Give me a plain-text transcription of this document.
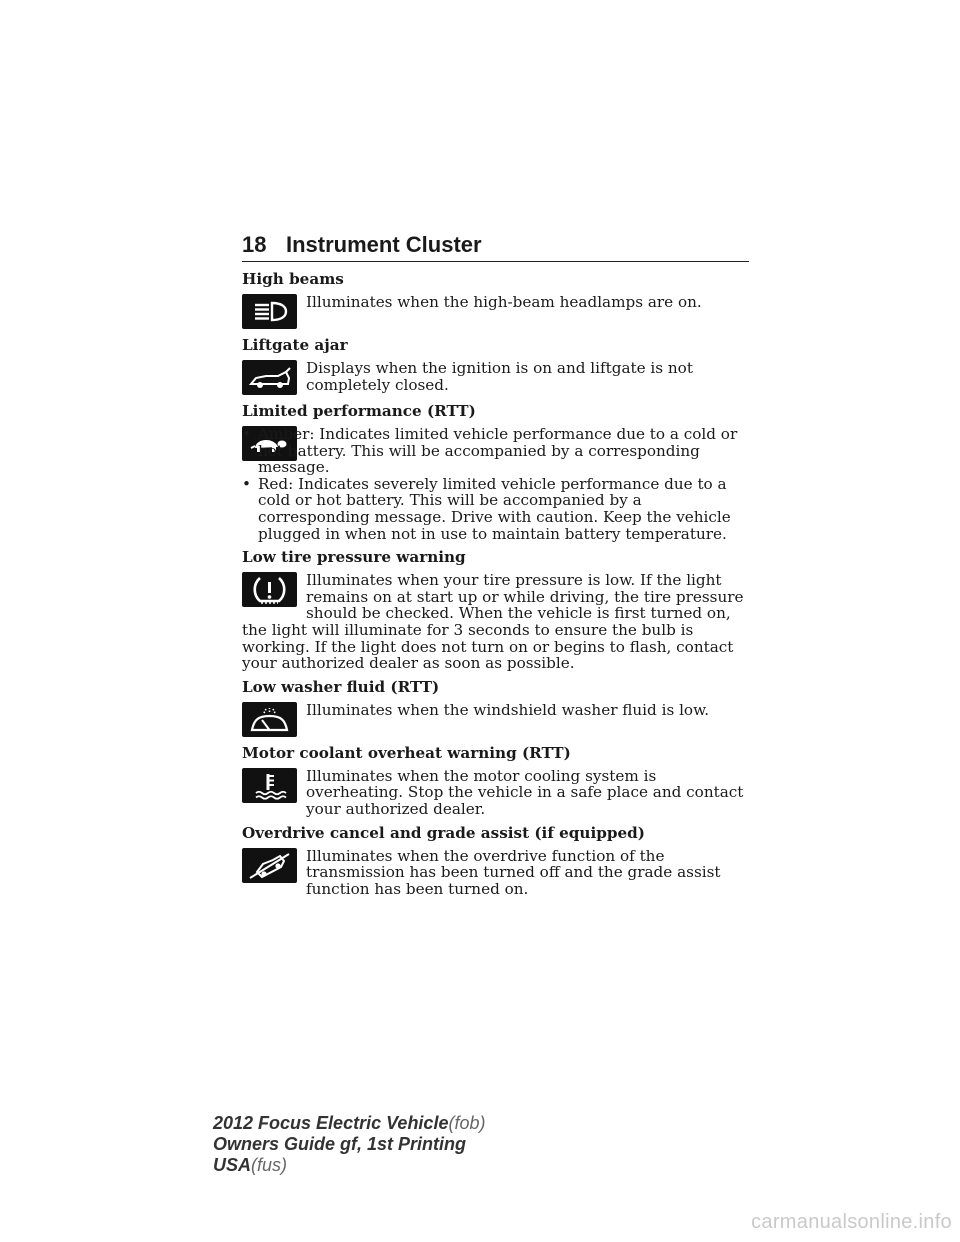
18 Instrument Cluster
High beams
Illuminates when the high-beam headlamps are on.
Liftgate ajar
Displays when the ignition is on and liftgate is not completely closed.
Limited performance (RTT)
• Amber: Indicates limited vehicle performance due to a cold or hot battery. This will be accompanied by a corresponding message.
• Red: Indicates severely limited vehicle performance due to a cold or hot battery. This will be accompanied by a corresponding message. Drive with caution. Keep the vehicle plugged in when not in use to maintain battery temperature.
Low tire pressure warning
Illuminates when your tire pressure is low. If the light remains on at start up or while driving, the tire pressure should be checked. When the vehicle is first turned on, the light will illuminate for 3 seconds to ensure the bulb is working. If the light does not turn on or begins to flash, contact your authorized dealer as soon as possible.
Low washer fluid (RTT)
Illuminates when the windshield washer fluid is low.
Motor coolant overheat warning (RTT)
Illuminates when the motor cooling system is overheating. Stop the vehicle in a safe place and contact your authorized dealer.
Overdrive cancel and grade assist (if equipped)
Illuminates when the overdrive function of the transmission has been turned off and the grade assist function has been turned on.
2012 Focus Electric Vehicle(fob)
Owners Guide gf, 1st Printing
USA(fus)
carmanualsonline.info
